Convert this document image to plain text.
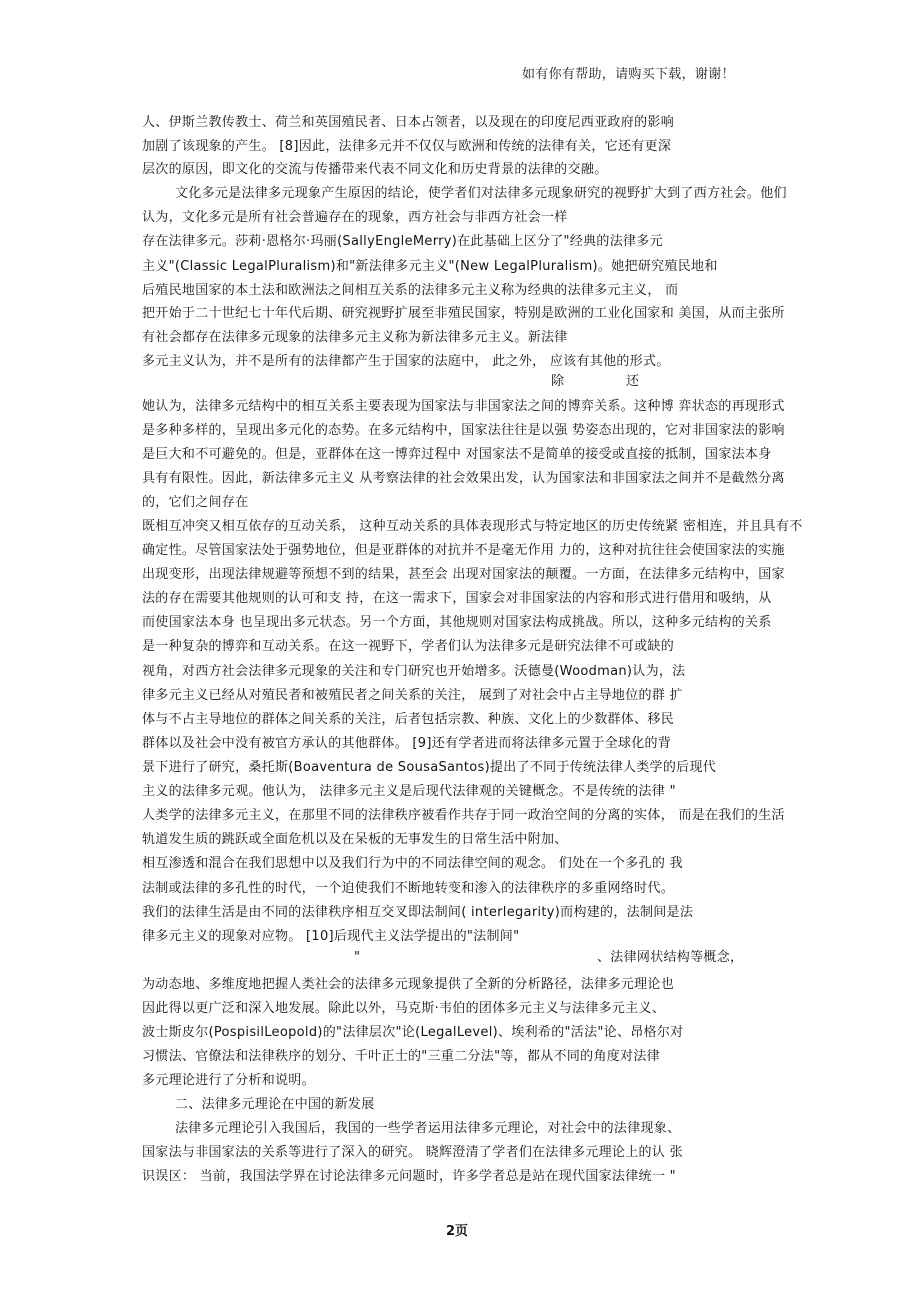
如有你有帮助，请购买下载，谢谢！
人、伊斯兰教传教士、荷兰和英国殖民者、日本占领者，以及现在的印度尼西亚政府的影响
加剧了该现象的产生。 [8]因此，法律多元并不仅仅与欧洲和传统的法律有关，它还有更深
层次的原因，即文化的交流与传播带来代表不同文化和历史背景的法律的交融。
文化多元是法律多元现象产生原因的结论，使学者们对法律多元现象研究的视野扩大到了西方社会。他们
认为，文化多元是所有社会普遍存在的现象，西方社会与非西方社会一样
存在法律多元。莎莉·恩格尔·玛丽(SallyEngleMerry)在此基础上区分了"经典的法律多元
主义"(Classic LegalPluralism)和"新法律多元主义"(New LegalPluralism)。她把研究殖民地和
后殖民地国家的本土法和欧洲法之间相互关系的法律多元主义称为经典的法律多元主义， 而
把开始于二十世纪七十年代后期、研究视野扩展至非殖民国家，特别是欧洲的工业化国家和 美国，从而主张所
有社会都存在法律多元现象的法律多元主义称为新法律多元主义。新法律
多元主义认为，并不是所有的法律都产生于国家的法庭中， 此之外， 应该有其他的形式。
除	还
她认为，法律多元结构中的相互关系主要表现为国家法与非国家法之间的博弈关系。这种博 弈状态的再现形式
是多种多样的，呈现出多元化的态势。在多元结构中，国家法往往是以强 势姿态出现的，它对非国家法的影响
是巨大和不可避免的。但是，亚群体在这一博弈过程中 对国家法不是简单的接受或直接的抵制，国家法本身
具有有限性。因此，新法律多元主义 从考察法律的社会效果出发，认为国家法和非国家法之间并不是截然分离
的，它们之间存在
既相互冲突又相互依存的互动关系， 这种互动关系的具体表现形式与特定地区的历史传统紧 密相连，并且具有不
确定性。尽管国家法处于强势地位，但是亚群体的对抗并不是毫无作用 力的，这种对抗往往会使国家法的实施
出现变形，出现法律规避等预想不到的结果，甚至会 出现对国家法的颠覆。一方面，在法律多元结构中，国家
法的存在需要其他规则的认可和支 持，在这一需求下，国家会对非国家法的内容和形式进行借用和吸纳，从
而使国家法本身 也呈现出多元状态。另一个方面，其他规则对国家法构成挑战。所以，这种多元结构的关系
是一种复杂的博弈和互动关系。在这一视野下，学者们认为法律多元是研究法律不可或缺的
视角，对西方社会法律多元现象的关注和专门研究也开始增多。沃德曼(Woodman)认为，法
律多元主义已经从对殖民者和被殖民者之间关系的关注， 展到了对社会中占主导地位的群 扩
体与不占主导地位的群体之间关系的关注，后者包括宗教、种族、文化上的少数群体、移民
群体以及社会中没有被官方承认的其他群体。 [9]还有学者进而将法律多元置于全球化的背
景下进行了研究，桑托斯(Boaventura de SousaSantos)提出了不同于传统法律人类学的后现代
主义的法律多元观。他认为， 法律多元主义是后现代法律观的关键概念。不是传统的法律 "
人类学的法律多元主义，在那里不同的法律秩序被看作共存于同一政治空间的分离的实体， 而是在我们的生活
轨道发生质的跳跃或全面危机以及在呆板的无事发生的日常生活中附加、
相互渗透和混合在我们思想中以及我们行为中的不同法律空间的观念。 们处在一个多孔的 我
法制或法律的多孔性的时代，一个迫使我们不断地转变和渗入的法律秩序的多重网络时代。
我们的法律生活是由不同的法律秩序相互交叉即法制间( interlegarity)而构建的，法制间是法
律多元主义的现象对应物。 [10]后现代主义法学提出的"法制间"
"	、法律网状结构等概念，
为动态地、多维度地把握人类社会的法律多元现象提供了全新的分析路径，法律多元理论也
因此得以更广泛和深入地发展。除此以外，马克斯·韦伯的团体多元主义与法律多元主义、
波士斯皮尔(PospisilLeopold)的"法律层次"论(LegalLevel)、埃利希的"活法"论、昂格尔对
习惯法、官僚法和法律秩序的划分、千叶正士的"三重二分法"等，都从不同的角度对法律
多元理论进行了分析和说明。
二、法律多元理论在中国的新发展
法律多元理论引入我国后，我国的一些学者运用法律多元理论，对社会中的法律现象、
国家法与非国家法的关系等进行了深入的研究。 晓辉澄清了学者们在法律多元理论上的认 张
识误区： 当前，我国法学界在讨论法律多元问题时，许多学者总是站在现代国家法律统一 "
2页
